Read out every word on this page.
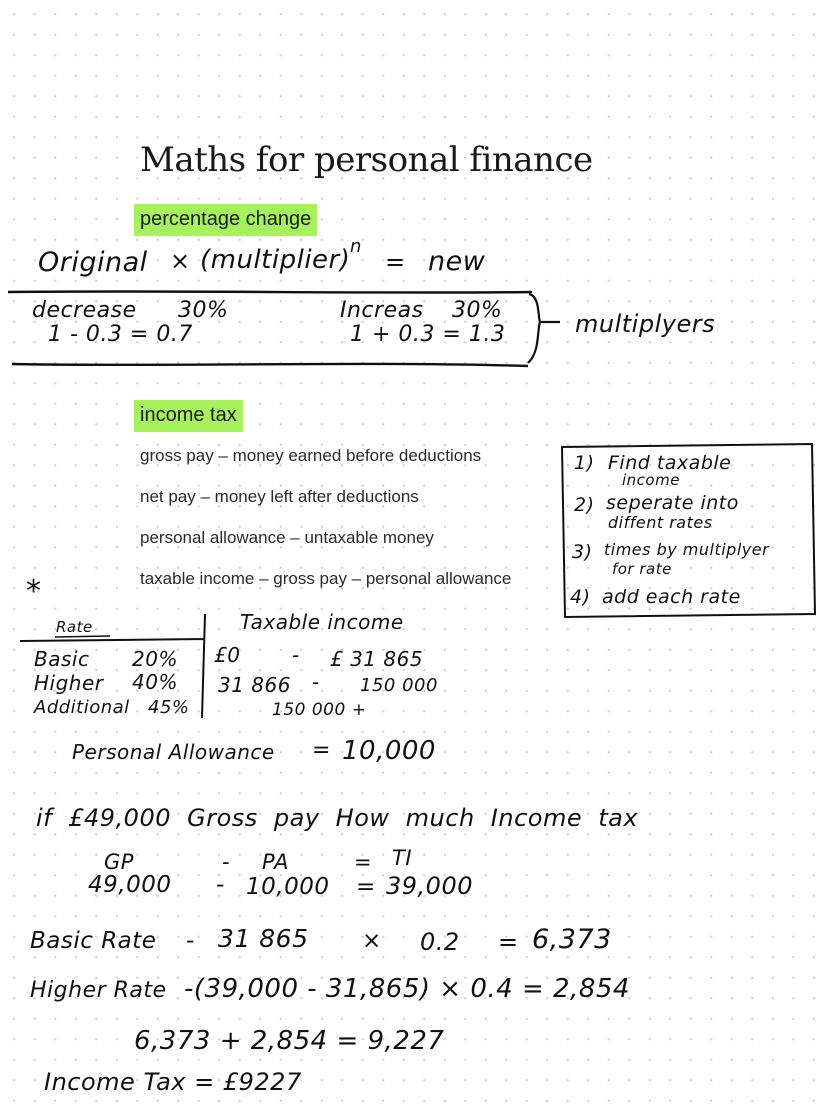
Maths for personal finance
percentage change
Original × (multiplier) n
= new
decrease 30%
1 - 0.3 = 0.7
Increas 30%
1 + 0.3 = 1.3	multiplyers
income tax
gross pay – money earned before deductions
net pay – money left after deductions
personal allowance – untaxable money
taxable income – gross pay – personal allowance
1) Find taxable
income
2) seperate into
diffent rates
3) times by multiplyer
for rate
4) add each rate
*
Rate	Taxable income
Basic 20% £0	- £ 31 865
Higher 40% 31 866 - 150 000
Additional 45%	150 000 +
Personal Allowance = 10,000
if £49,000 Gross pay How much Income tax
GP	- PA	= TI
49,000 - 10,000 = 39,000
Basic Rate - 31 865 × 0.2 = 6,373
Higher Rate -(39,000 - 31,865) × 0.4 = 2,854
6,373 + 2,854 = 9,227
Income Tax = £9227
